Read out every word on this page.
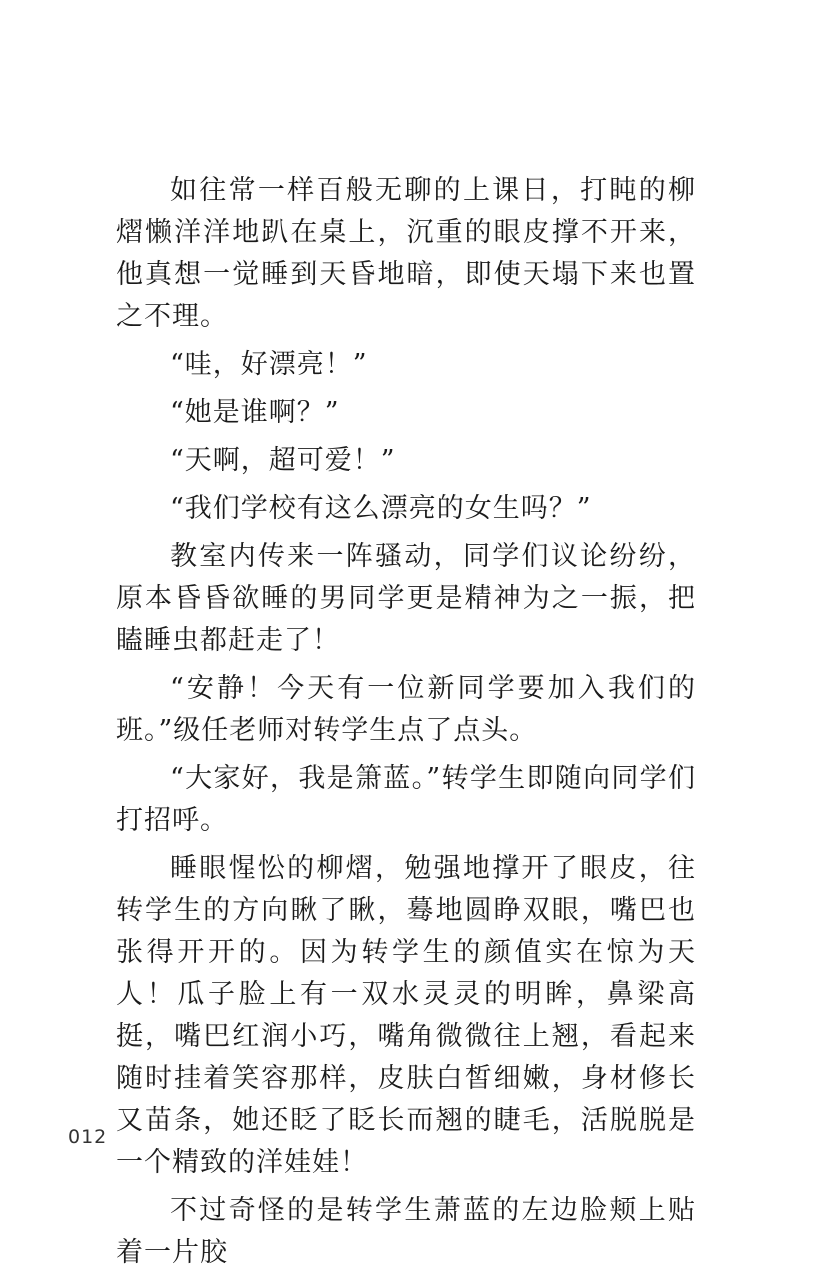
如往常一样百般无聊的上课日，打盹的柳熠懒洋洋地趴在桌上，沉重的眼皮撑不开来，他真想一觉睡到天昏地暗，即使天塌下来也置之不理。

“哇，好漂亮！”

“她是谁啊？”

“天啊，超可爱！”

“我们学校有这么漂亮的女生吗？”

教室内传来一阵骚动，同学们议论纷纷，原本昏昏欲睡的男同学更是精神为之一振，把瞌睡虫都赶走了！

“安静！今天有一位新同学要加入我们的班。”级任老师对转学生点了点头。

“大家好，我是箫蓝。”转学生即随向同学们打招呼。

睡眼惺忪的柳熠，勉强地撑开了眼皮，往转学生的方向瞅了瞅，蓦地圆睁双眼，嘴巴也张得开开的。因为转学生的颜值实在惊为天人！瓜子脸上有一双水灵灵的明眸，鼻梁高挺，嘴巴红润小巧，嘴角微微往上翘，看起来随时挂着笑容那样，皮肤白皙细嫩，身材修长又苗条，她还眨了眨长而翘的睫毛，活脱脱是一个精致的洋娃娃！

不过奇怪的是转学生萧蓝的左边脸颊上贴着一片胶

012
